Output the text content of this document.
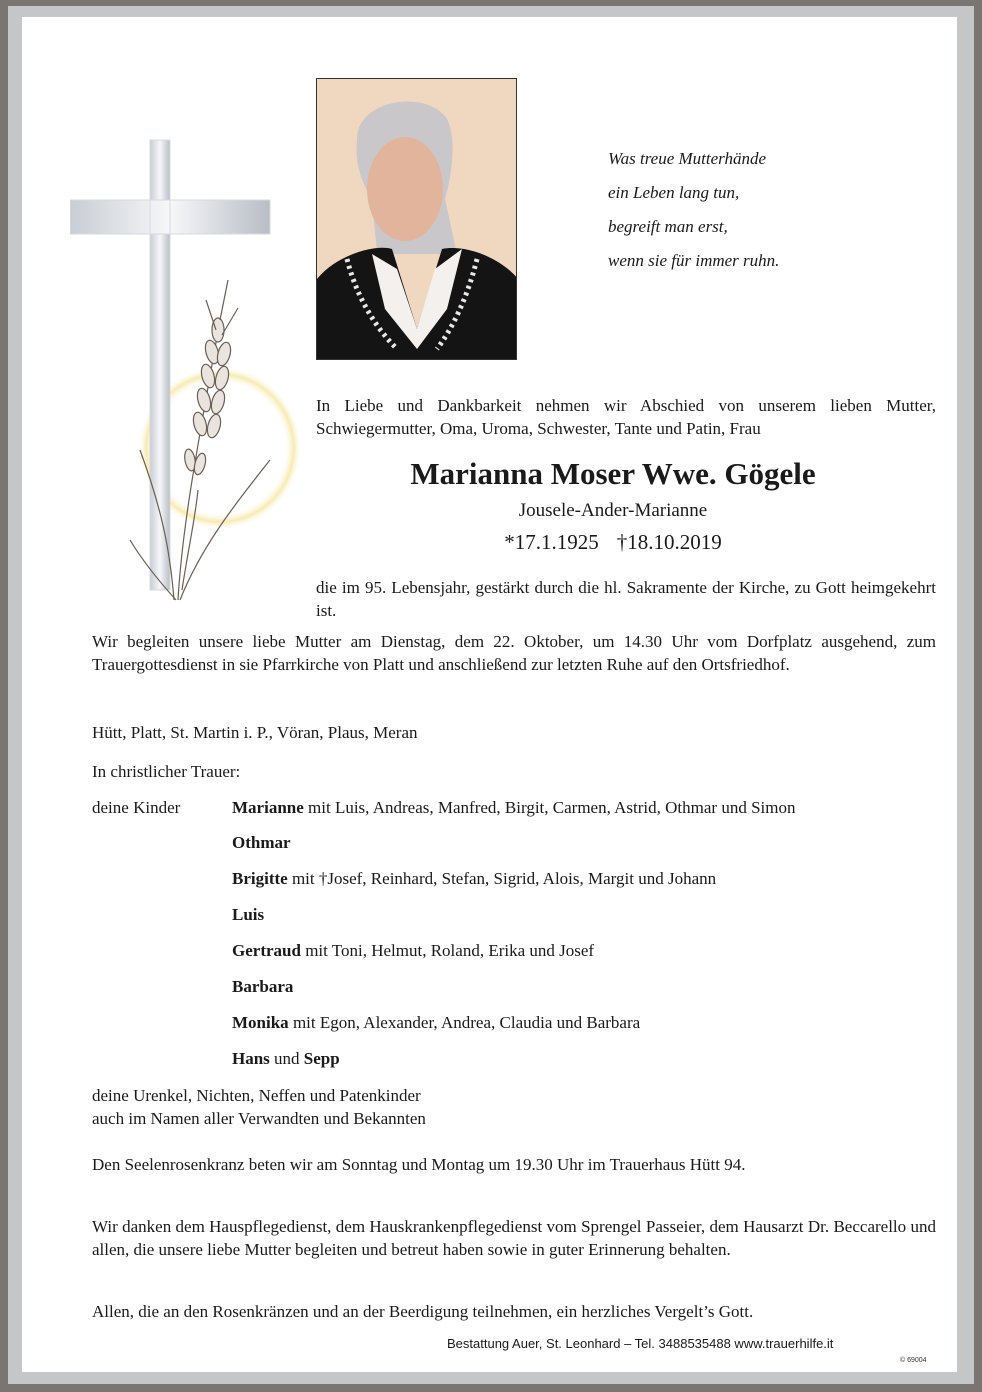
Was treue Mutterhände
ein Leben lang tun,
begreift man erst,
wenn sie für immer ruhn.
In Liebe und Dankbarkeit nehmen wir Abschied von unserem lieben Mutter, Schwiegermutter, Oma, Uroma, Schwester, Tante und Patin, Frau
Marianna Moser Wwe. Gögele
Jousele-Ander-Marianne
*17.1.1925 †18.10.2019
die im 95. Lebensjahr, gestärkt durch die hl. Sakramente der Kirche, zu Gott heimgekehrt ist.
Wir begleiten unsere liebe Mutter am Dienstag, dem 22. Oktober, um 14.30 Uhr vom Dorfplatz ausgehend, zum Trauergottesdienst in sie Pfarrkirche von Platt und anschließend zur letzten Ruhe auf den Ortsfriedhof.
Hütt, Platt, St. Martin i. P., Vöran, Plaus, Meran
In christlicher Trauer:
deine Kinder	Marianne mit Luis, Andreas, Manfred, Birgit, Carmen, Astrid, Othmar und Simon
Othmar
Brigitte mit †Josef, Reinhard, Stefan, Sigrid, Alois, Margit und Johann
Luis
Gertraud mit Toni, Helmut, Roland, Erika und Josef
Barbara
Monika mit Egon, Alexander, Andrea, Claudia und Barbara
Hans und Sepp
deine Urenkel, Nichten, Neffen und Patenkinder
auch im Namen aller Verwandten und Bekannten
Den Seelenrosenkranz beten wir am Sonntag und Montag um 19.30 Uhr im Trauerhaus Hütt 94.
Wir danken dem Hauspflegedienst, dem Hauskrankenpflegedienst vom Sprengel Passeier, dem Hausarzt Dr. Beccarello und allen, die unsere liebe Mutter begleiten und betreut haben sowie in guter Erinnerung behalten.
Allen, die an den Rosenkränzen und an der Beerdigung teilnehmen, ein herzliches Vergelt’s Gott.
Bestattung Auer, St. Leonhard – Tel. 3488535488 www.trauerhilfe.it
© 69004
